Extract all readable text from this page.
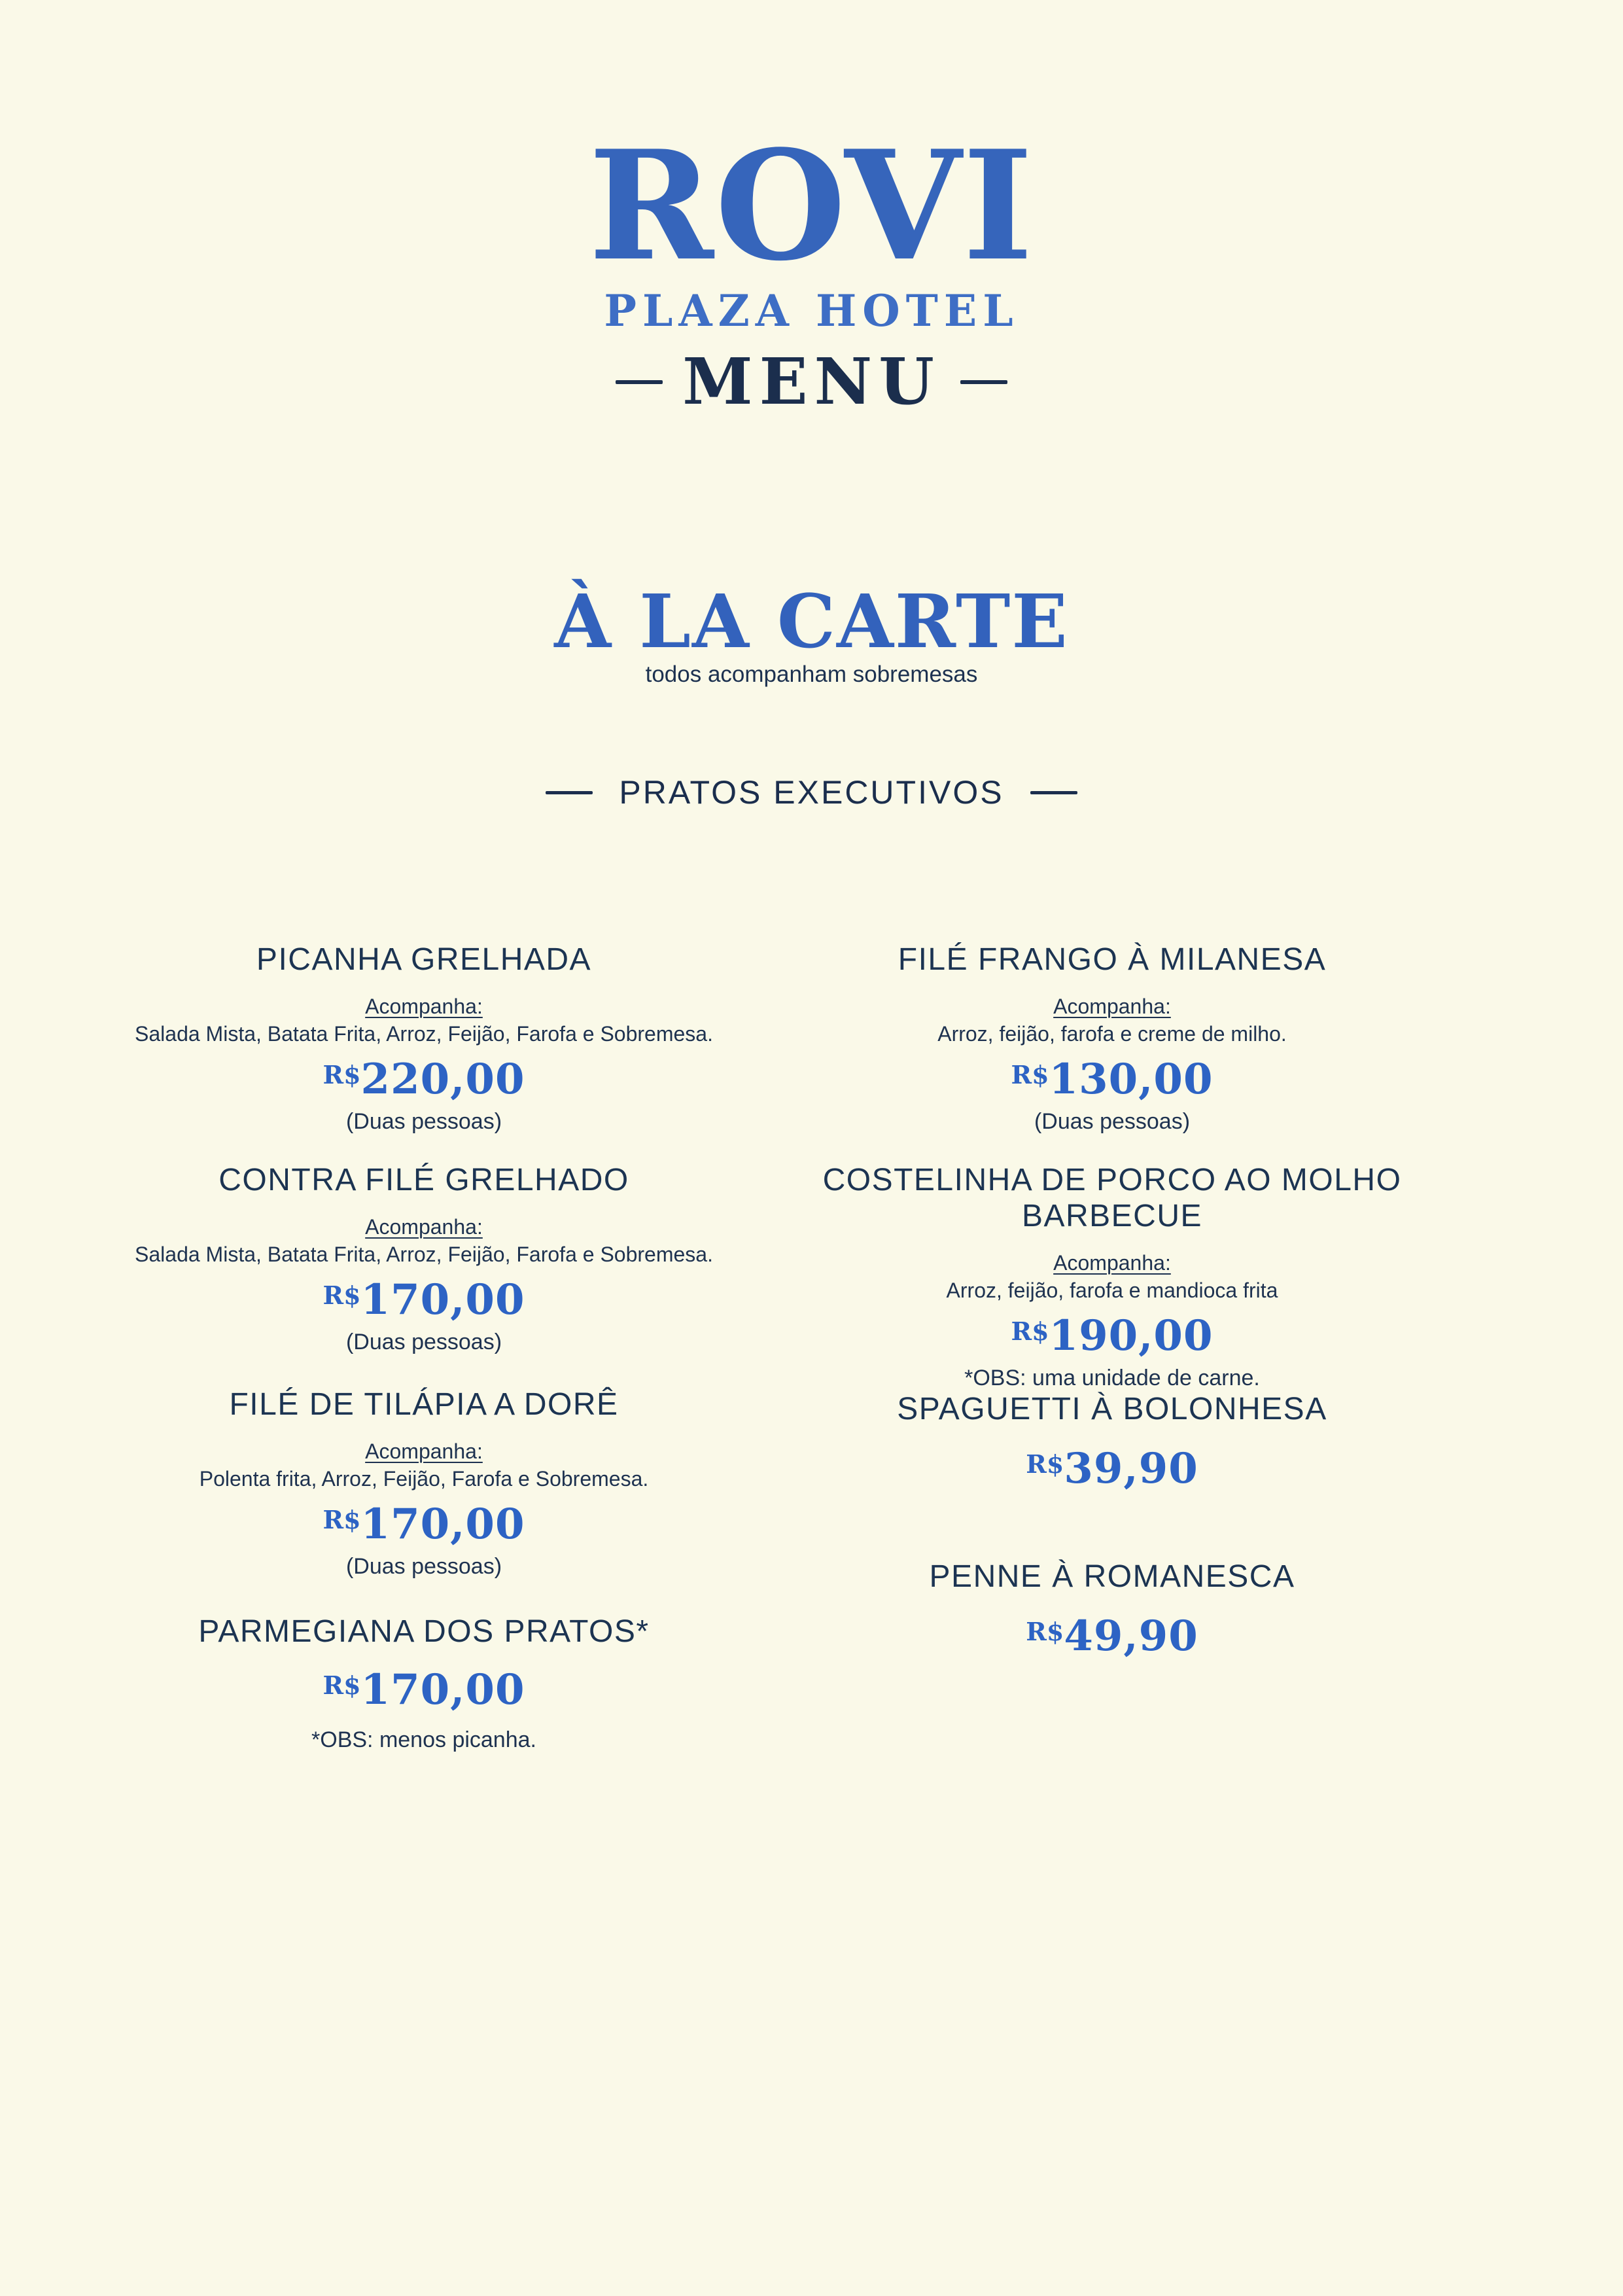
ROVI
PLAZA HOTEL
MENU
À LA CARTE
todos acompanham sobremesas
PRATOS EXECUTIVOS
PICANHA GRELHADA
Acompanha:
Salada Mista, Batata Frita, Arroz, Feijão, Farofa e Sobremesa.
R$220,00
(Duas pessoas)
CONTRA FILÉ GRELHADO
Acompanha:
Salada Mista, Batata Frita, Arroz, Feijão, Farofa e Sobremesa.
R$170,00
(Duas pessoas)
FILÉ DE TILÁPIA A DORÊ
Acompanha:
Polenta frita, Arroz, Feijão, Farofa e Sobremesa.
R$170,00
(Duas pessoas)
PARMEGIANA DOS PRATOS*
R$170,00
*OBS: menos picanha.
FILÉ FRANGO À MILANESA
Acompanha:
Arroz, feijão, farofa e creme de milho.
R$130,00
(Duas pessoas)
COSTELINHA DE PORCO AO MOLHO BARBECUE
Acompanha:
Arroz, feijão, farofa e mandioca frita
R$190,00
*OBS: uma unidade de carne.
SPAGUETTI À BOLONHESA
R$39,90
PENNE À ROMANESCA
R$49,90
